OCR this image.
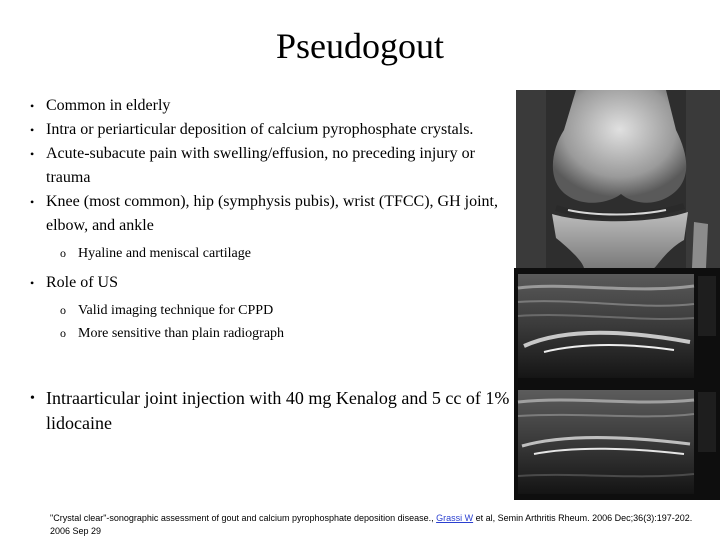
Pseudogout
• Common in elderly
• Intra or periarticular deposition of calcium pyrophosphate crystals.
• Acute-subacute pain with swelling/effusion, no preceding injury or trauma
• Knee (most common), hip (symphysis pubis), wrist (TFCC), GH joint, elbow, and ankle
o Hyaline and meniscal cartilage
• Role of US
o Valid imaging technique for CPPD
o More sensitive than plain radiograph
• Intraarticular joint injection with 40 mg Kenalog and 5 cc of 1% lidocaine
"Crystal clear"-sonographic assessment of gout and calcium pyrophosphate deposition disease., Grassi W et al, Semin Arthritis Rheum. 2006 Dec;36(3):197-202. 2006 Sep 29
